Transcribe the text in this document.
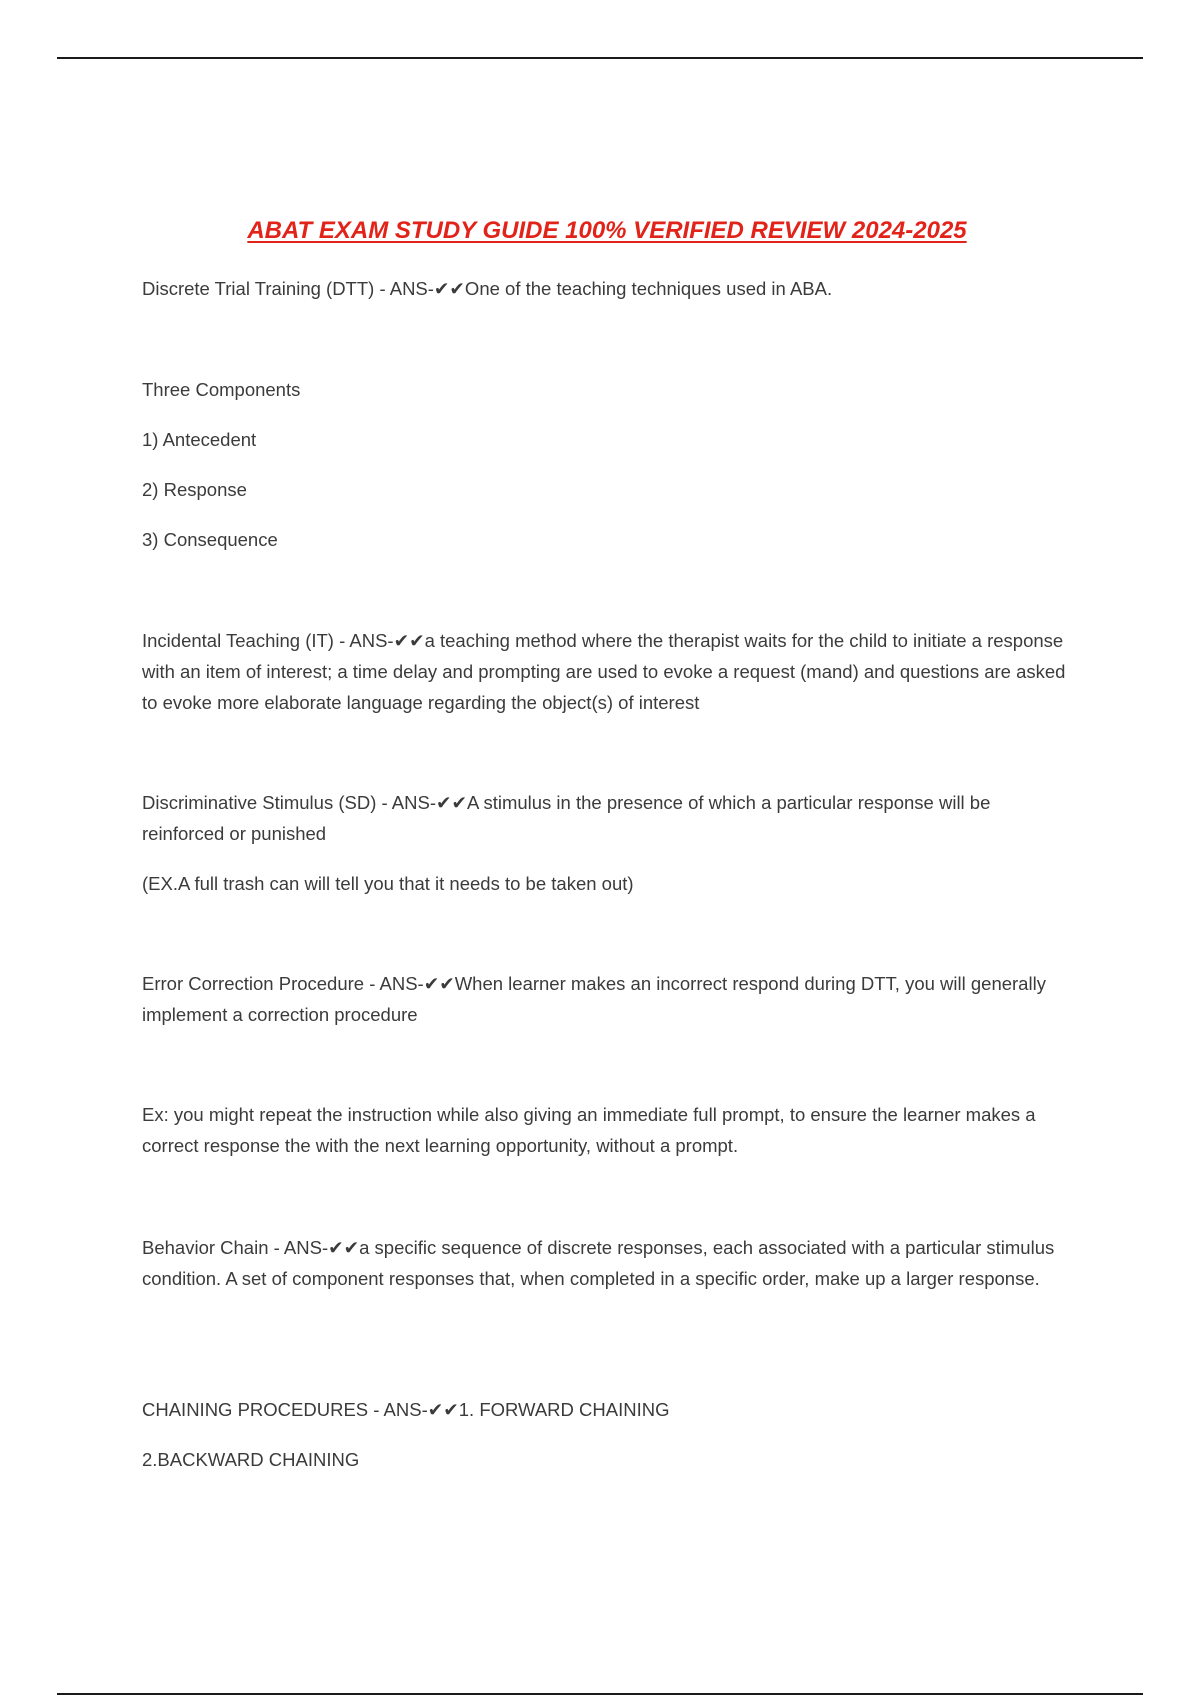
ABAT EXAM STUDY GUIDE 100% VERIFIED REVIEW 2024-2025

Discrete Trial Training (DTT) - ANS-✔✔One of the teaching techniques used in ABA.

Three Components

1) Antecedent

2) Response

3) Consequence

Incidental Teaching (IT) - ANS-✔✔a teaching method where the therapist waits for the child to initiate a response with an item of interest; a time delay and prompting are used to evoke a request (mand) and questions are asked to evoke more elaborate language regarding the object(s) of interest

Discriminative Stimulus (SD) - ANS-✔✔A stimulus in the presence of which a particular response will be reinforced or punished

(EX.A full trash can will tell you that it needs to be taken out)

Error Correction Procedure - ANS-✔✔When learner makes an incorrect respond during DTT, you will generally implement a correction procedure

Ex: you might repeat the instruction while also giving an immediate full prompt, to ensure the learner makes a correct response the with the next learning opportunity, without a prompt.

Behavior Chain - ANS-✔✔a specific sequence of discrete responses, each associated with a particular stimulus condition. A set of component responses that, when completed in a specific order, make up a larger response.

CHAINING PROCEDURES - ANS-✔✔1. FORWARD CHAINING

2.BACKWARD CHAINING
